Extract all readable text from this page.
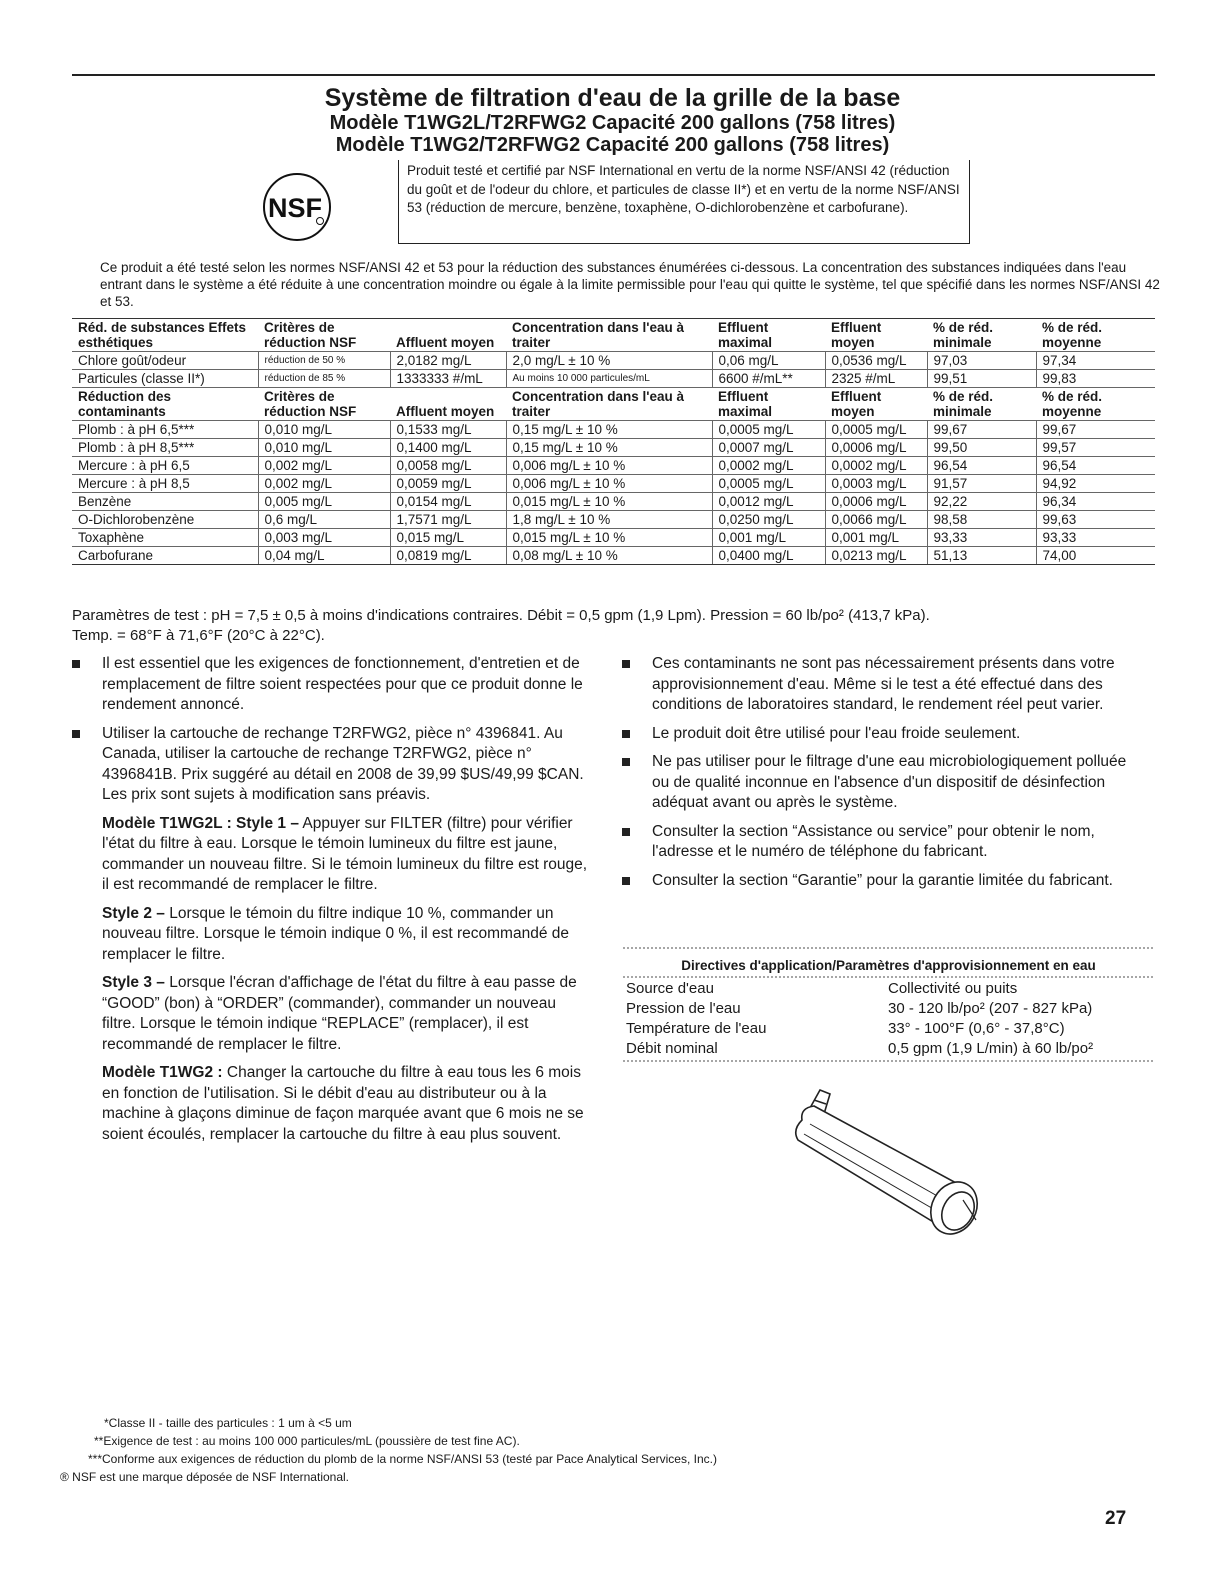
Système de filtration d'eau de la grille de la base
Modèle T1WG2L/T2RFWG2 Capacité 200 gallons (758 litres)
Modèle T1WG2/T2RFWG2 Capacité 200 gallons (758 litres)
NSF
Produit testé et certifié par NSF International en vertu de la norme NSF/ANSI 42 (réduction du goût et de l'odeur du chlore, et particules de classe II*) et en vertu de la norme NSF/ANSI 53 (réduction de mercure, benzène, toxaphène, O-dichlorobenzène et carbofurane).

Ce produit a été testé selon les normes NSF/ANSI 42 et 53 pour la réduction des substances énumérées ci-dessous. La concentration des substances indiquées dans l'eau entrant dans le système a été réduite à une concentration moindre ou égale à la limite permissible pour l'eau qui quitte le système, tel que spécifié dans les normes NSF/ANSI 42 et 53.

Réd. de substances Effets esthétiques	Critères de réduction NSF	Affluent moyen	Concentration dans l'eau à traiter	Effluent maximal	Effluent moyen	% de réd. minimale	% de réd. moyenne
Chlore goût/odeur	réduction de 50 %	2,0182 mg/L	2,0 mg/L ± 10 %	0,06 mg/L	0,0536 mg/L	97,03	97,34
Particules (classe II*)	réduction de 85 %	1333333 #/mL	Au moins 10 000 particules/mL	6600 #/mL**	2325 #/mL	99,51	99,83
Réduction des contaminants	Critères de réduction NSF	Affluent moyen	Concentration dans l'eau à traiter	Effluent maximal	Effluent moyen	% de réd. minimale	% de réd. moyenne
Plomb : à pH 6,5***	0,010 mg/L	0,1533 mg/L	0,15 mg/L ± 10 %	0,0005 mg/L	0,0005 mg/L	99,67	99,67
Plomb : à pH 8,5***	0,010 mg/L	0,1400 mg/L	0,15 mg/L ± 10 %	0,0007 mg/L	0,0006 mg/L	99,50	99,57
Mercure : à pH 6,5	0,002 mg/L	0,0058 mg/L	0,006 mg/L ± 10 %	0,0002 mg/L	0,0002 mg/L	96,54	96,54
Mercure : à pH 8,5	0,002 mg/L	0,0059 mg/L	0,006 mg/L ± 10 %	0,0005 mg/L	0,0003 mg/L	91,57	94,92
Benzène	0,005 mg/L	0,0154 mg/L	0,015 mg/L ± 10 %	0,0012 mg/L	0,0006 mg/L	92,22	96,34
O-Dichlorobenzène	0,6 mg/L	1,7571 mg/L	1,8 mg/L ± 10 %	0,0250 mg/L	0,0066 mg/L	98,58	99,63
Toxaphène	0,003 mg/L	0,015 mg/L	0,015 mg/L ± 10 %	0,001 mg/L	0,001 mg/L	93,33	93,33
Carbofurane	0,04 mg/L	0,0819 mg/L	0,08 mg/L ± 10 %	0,0400 mg/L	0,0213 mg/L	51,13	74,00

Paramètres de test : pH = 7,5 ± 0,5 à moins d'indications contraires. Débit = 0,5 gpm (1,9 Lpm). Pression = 60 lb/po² (413,7 kPa).
Temp. = 68°F à 71,6°F (20°C à 22°C).

Il est essentiel que les exigences de fonctionnement, d'entretien et de remplacement de filtre soient respectées pour que ce produit donne le rendement annoncé.
Utiliser la cartouche de rechange T2RFWG2, pièce n° 4396841. Au Canada, utiliser la cartouche de rechange T2RFWG2, pièce n° 4396841B. Prix suggéré au détail en 2008 de 39,99 $US/49,99 $CAN. Les prix sont sujets à modification sans préavis.

Modèle T1WG2L : Style 1 – Appuyer sur FILTER (filtre) pour vérifier l'état du filtre à eau. Lorsque le témoin lumineux du filtre est jaune, commander un nouveau filtre. Si le témoin lumineux du filtre est rouge, il est recommandé de remplacer le filtre.

Style 2 – Lorsque le témoin du filtre indique 10 %, commander un nouveau filtre. Lorsque le témoin indique 0 %, il est recommandé de remplacer le filtre.

Style 3 – Lorsque l'écran d'affichage de l'état du filtre à eau passe de “GOOD” (bon) à “ORDER” (commander), commander un nouveau filtre. Lorsque le témoin indique “REPLACE” (remplacer), il est recommandé de remplacer le filtre.

Modèle T1WG2 : Changer la cartouche du filtre à eau tous les 6 mois en fonction de l'utilisation. Si le débit d'eau au distributeur ou à la machine à glaçons diminue de façon marquée avant que 6 mois ne se soient écoulés, remplacer la cartouche du filtre à eau plus souvent.

Ces contaminants ne sont pas nécessairement présents dans votre approvisionnement d'eau. Même si le test a été effectué dans des conditions de laboratoires standard, le rendement réel peut varier.
Le produit doit être utilisé pour l'eau froide seulement.
Ne pas utiliser pour le filtrage d'une eau microbiologiquement polluée ou de qualité inconnue en l'absence d'un dispositif de désinfection adéquat avant ou après le système.
Consulter la section “Assistance ou service” pour obtenir le nom, l'adresse et le numéro de téléphone du fabricant.
Consulter la section “Garantie” pour la garantie limitée du fabricant.
Directives d'application/Paramètres d'approvisionnement en eau
Source d'eau	Collectivité ou puits
Pression de l'eau	30 - 120 lb/po² (207 - 827 kPa)
Température de l'eau	33° - 100°F (0,6° - 37,8°C)
Débit nominal	0,5 gpm (1,9 L/min) à 60 lb/po²
*Classe II - taille des particules : 1 um à <5 um
**Exigence de test : au moins 100 000 particules/mL (poussière de test fine AC).
***Conforme aux exigences de réduction du plomb de la norme NSF/ANSI 53 (testé par Pace Analytical Services, Inc.)
® NSF est une marque déposée de NSF International.
27
